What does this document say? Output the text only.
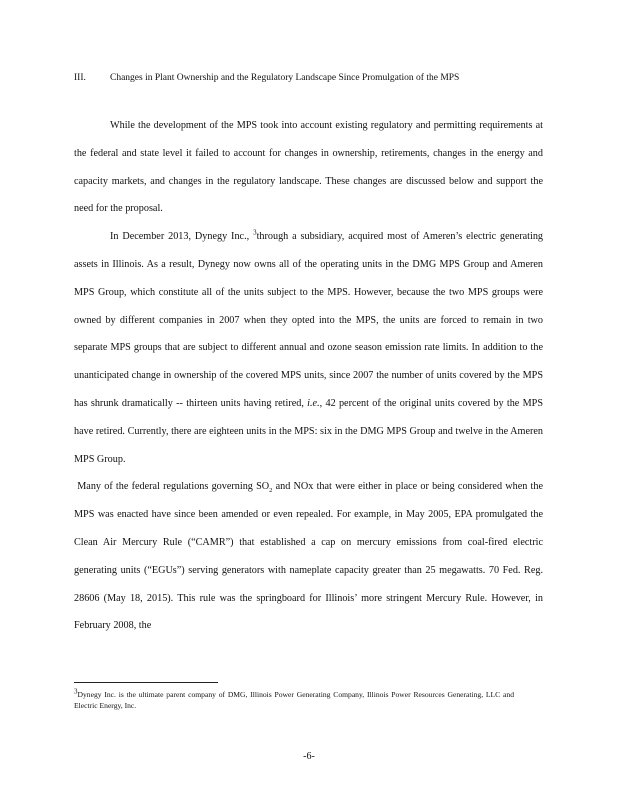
III.	Changes in Plant Ownership and the Regulatory Landscape Since Promulgation of the MPS

While the development of the MPS took into account existing regulatory and permitting requirements at the federal and state level it failed to account for changes in ownership, retirements, changes in the energy and capacity markets, and changes in the regulatory landscape. These changes are discussed below and support the need for the proposal.

In December 2013, Dynegy Inc., $^3$through a subsidiary, acquired most of Ameren’s electric generating assets in Illinois. As a result, Dynegy now owns all of the operating units in the DMG MPS Group and Ameren MPS Group, which constitute all of the units subject to the MPS. However, because the two MPS groups were owned by different companies in 2007 when they opted into the MPS, the units are forced to remain in two separate MPS groups that are subject to different annual and ozone season emission rate limits. In addition to the unanticipated change in ownership of the covered MPS units, since 2007 the number of units covered by the MPS has shrunk dramatically -- thirteen units having retired, i.e., 42 percent of the original units covered by the MPS have retired. Currently, there are eighteen units in the MPS: six in the DMG MPS Group and twelve in the Ameren MPS Group.

Many of the federal regulations governing $SO_2$ and NOx that were either in place or being considered when the MPS was enacted have since been amended or even repealed. For example, in May 2005, EPA promulgated the Clean Air Mercury Rule (“CAMR”) that established a cap on mercury emissions from coal-fired electric generating units (“EGUs”) serving generators with nameplate capacity greater than 25 megawatts. 70 Fed. Reg. 28606 (May 18, 2015). This rule was the springboard for Illinois’ more stringent Mercury Rule. However, in February 2008, the

$^3$Dynegy Inc. is the ultimate parent company of DMG, Illinois Power Generating Company, Illinois Power Resources Generating, LLC and Electric Energy, Inc.
-6-
